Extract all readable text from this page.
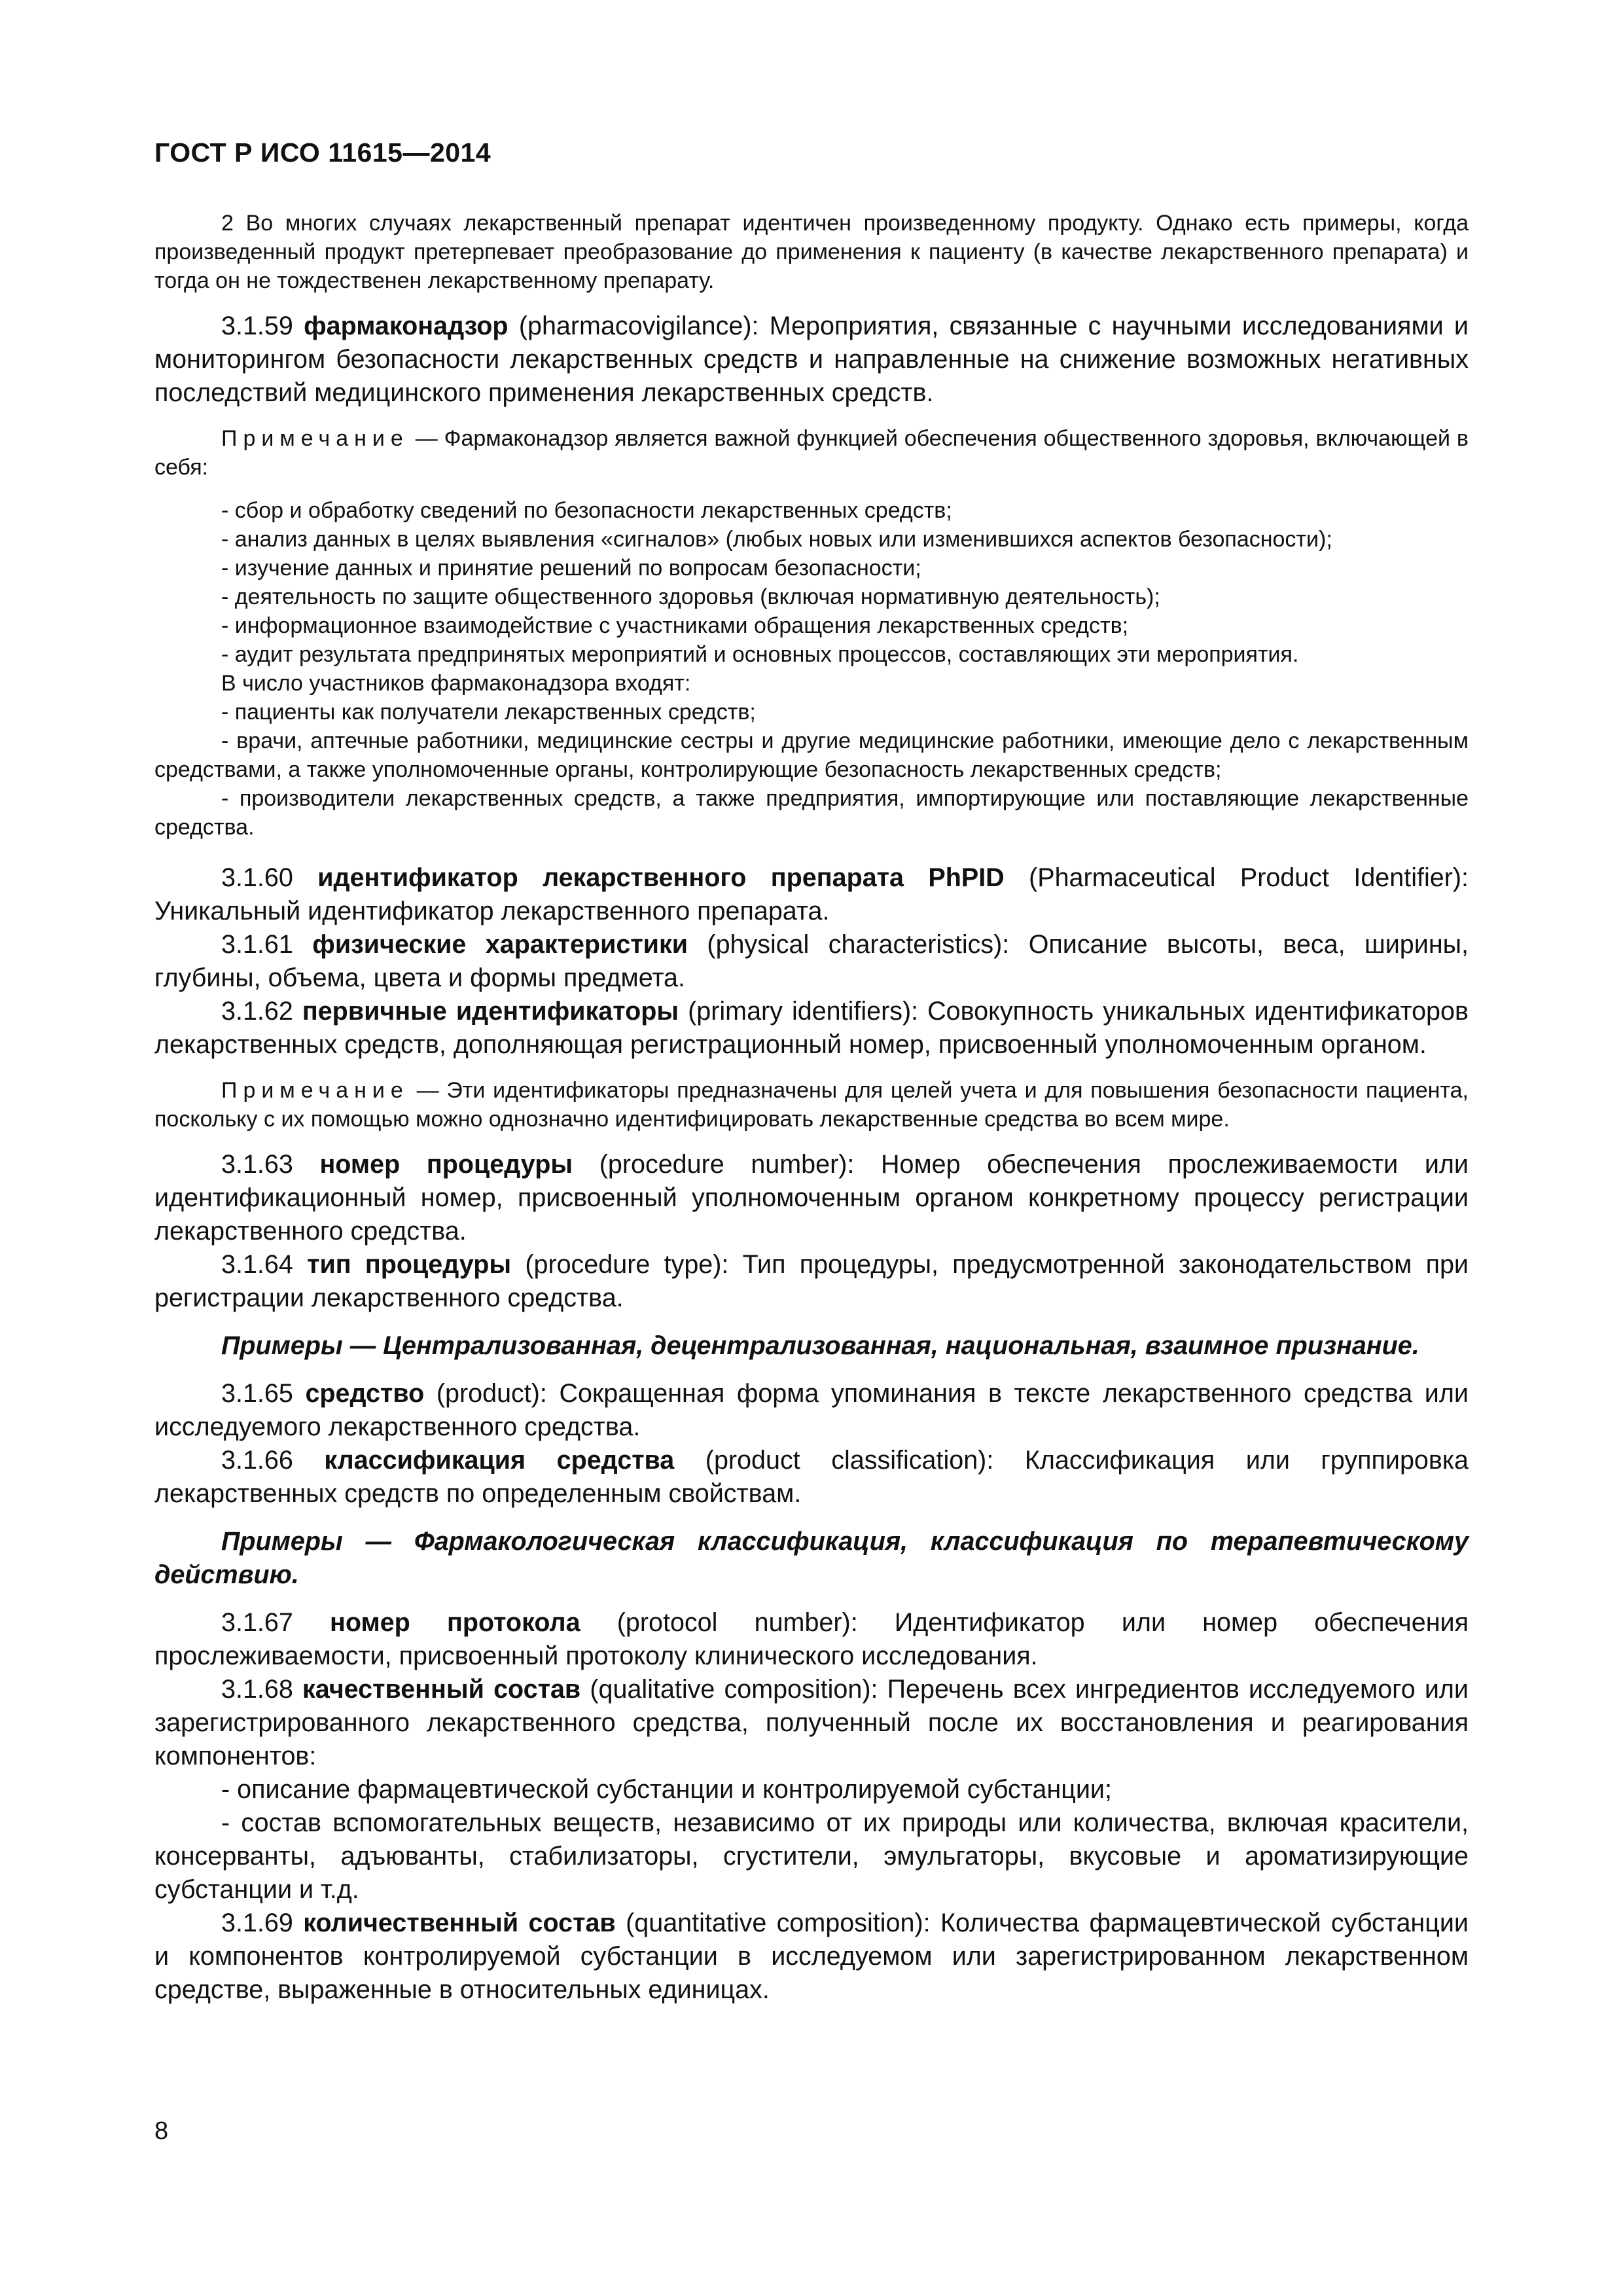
ГОСТ Р ИСО 11615—2014

2 Во многих случаях лекарственный препарат идентичен произведенному продукту. Однако есть примеры, когда произведенный продукт претерпевает преобразование до применения к пациенту (в качестве лекарственного препарата) и тогда он не тождественен лекарственному препарату.

3.1.59 фармаконадзор (pharmacovigilance): Мероприятия, связанные с научными исследованиями и мониторингом безопасности лекарственных средств и направленные на снижение возможных негативных последствий медицинского применения лекарственных средств.

Примечание — Фармаконадзор является важной функцией обеспечения общественного здоровья, включающей в себя:

- сбор и обработку сведений по безопасности лекарственных средств;

- анализ данных в целях выявления «сигналов» (любых новых или изменившихся аспектов безопасности);

- изучение данных и принятие решений по вопросам безопасности;

- деятельность по защите общественного здоровья (включая нормативную деятельность);

- информационное взаимодействие с участниками обращения лекарственных средств;

- аудит результата предпринятых мероприятий и основных процессов, составляющих эти мероприятия.

В число участников фармаконадзора входят:

- пациенты как получатели лекарственных средств;

- врачи, аптечные работники, медицинские сестры и другие медицинские работники, имеющие дело с лекарственным средствами, а также уполномоченные органы, контролирующие безопасность лекарственных средств;

- производители лекарственных средств, а также предприятия, импортирующие или поставляющие лекарственные средства.

3.1.60 идентификатор лекарственного препарата PhPID (Pharmaceutical Product Identifier): Уникальный идентификатор лекарственного препарата.

3.1.61 физические характеристики (physical characteristics): Описание высоты, веса, ширины, глубины, объема, цвета и формы предмета.

3.1.62 первичные идентификаторы (primary identifiers): Совокупность уникальных идентификаторов лекарственных средств, дополняющая регистрационный номер, присвоенный уполномоченным органом.

Примечание — Эти идентификаторы предназначены для целей учета и для повышения безопасности пациента, поскольку с их помощью можно однозначно идентифицировать лекарственные средства во всем мире.

3.1.63 номер процедуры (procedure number): Номер обеспечения прослеживаемости или идентификационный номер, присвоенный уполномоченным органом конкретному процессу регистрации лекарственного средства.

3.1.64 тип процедуры (procedure type): Тип процедуры, предусмотренной законодательством при регистрации лекарственного средства.

Примеры — Централизованная, децентрализованная, национальная, взаимное признание.

3.1.65 средство (product): Сокращенная форма упоминания в тексте лекарственного средства или исследуемого лекарственного средства.

3.1.66 классификация средства (product classification): Классификация или группировка лекарственных средств по определенным свойствам.

Примеры — Фармакологическая классификация, классификация по терапевтическому действию.

3.1.67 номер протокола (protocol number): Идентификатор или номер обеспечения прослеживаемости, присвоенный протоколу клинического исследования.

3.1.68 качественный состав (qualitative composition): Перечень всех ингредиентов исследуемого или зарегистрированного лекарственного средства, полученный после их восстановления и реагирования компонентов:

- описание фармацевтической субстанции и контролируемой субстанции;

- состав вспомогательных веществ, независимо от их природы или количества, включая красители, консерванты, адъюванты, стабилизаторы, сгустители, эмульгаторы, вкусовые и ароматизирующие субстанции и т.д.

3.1.69 количественный состав (quantitative composition): Количества фармацевтической субстанции и компонентов контролируемой субстанции в исследуемом или зарегистрированном лекарственном средстве, выраженные в относительных единицах.

8
